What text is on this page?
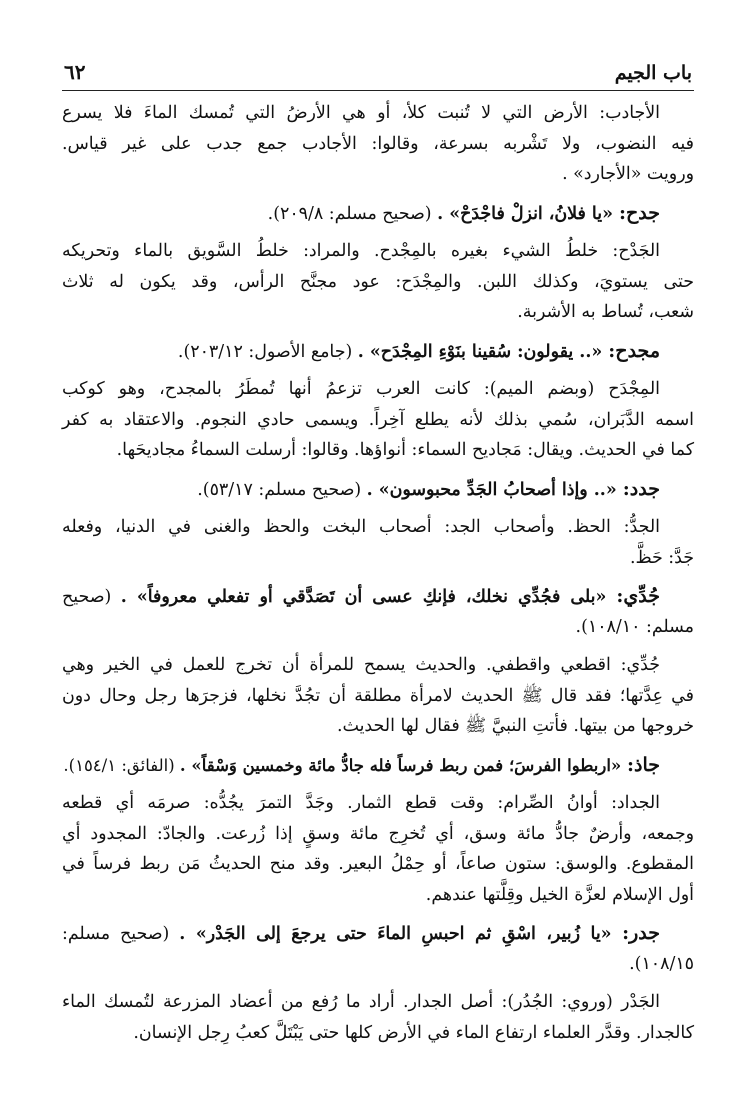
باب الجيم
٦٢
الأجادب: الأرض التي لا تُنبت كلأ، أو هي الأرضُ التي تُمسك الماءَ فلا يسرع
فيه النضوب، ولا تَشْربه بسرعة، وقالوا: الأجادب جمع جدب على غير قياس.
ورويت «الأجارد» .
جدح: «يا فلانُ، انزلْ فاجْدَحْ» . (صحيح مسلم: ٢٠٩/٨).
الجَدْح: خلطُ الشيء بغيره بالمِجْدح. والمراد: خلطُ السَّويق بالماء وتحريكه
حتى يستويَ، وكذلك اللبن. والمِجْدَح: عود مجنَّح الرأس، وقد يكون له ثلاث
شعب، تُساط به الأشربة.
مجدح: «.. يقولون: سُقينا بنَوْءِ المِجْدَح» . (جامع الأصول: ٢٠٣/١٢).
المِجْدَح (وبضم الميم): كانت العرب تزعمُ أنها تُمطَرُ بالمجدح، وهو كوكب
اسمه الدَّبَران، سُمي بذلك لأنه يطلع آخِراً. ويسمى حادي النجوم. والاعتقاد به كفر
كما في الحديث. ويقال: مَجاديح السماء: أنواؤها. وقالوا: أرسلت السماءُ مجاديحَها.
جدد: «.. وإذا أصحابُ الجَدِّ محبوسون» . (صحيح مسلم: ٥٣/١٧).
الجدُّ: الحظ. وأصحاب الجد: أصحاب البخت والحظ والغنى في الدنيا، وفعله
جَدَّ: حَظَّ.
جُدِّي: «بلى فجُدِّي نخلك، فإنكِ عسى أن تَصَدَّقي أو تفعلي معروفاً» . (صحيح
مسلم: ١٠٨/١٠).
جُدِّي: اقطعي واقطفي. والحديث يسمح للمرأة أن تخرج للعمل في الخير وهي
في عِدَّتها؛ فقد قال ﷺ الحديث لامرأة مطلقة أن تجُدَّ نخلها، فزجرَها رجل وحال دون
خروجها من بيتها. فأتتِ النبيَّ ﷺ فقال لها الحديث.
جاذ: «اربطوا الفرسَ؛ فمن ربط فرساً فله جادُّ مائة وخمسين وَسْقاً» . (الفائق: ١٥٤/١).
الجداد: أوانُ الصِّرام: وقت قطع الثمار. وجَدَّ التمرَ يجُدُّه: صرمَه أي قطعه
وجمعه، وأرضٌ جادُّ مائة وسق، أي تُخرِج مائة وسقٍ إذا زُرعت. والجادّ: المجدود أي
المقطوع. والوسق: ستون صاعاً، أو حِمْلُ البعير. وقد منح الحديثُ مَن ربط فرساً في
أول الإسلام لعزَّة الخيل وقِلَّتها عندهم.
جدر: «يا زُبير، اسْقِ ثم احبسِ الماءَ حتى يرجعَ إلى الجَدْر» . (صحيح مسلم:
١٠٨/١٥).
الجَدْر (وروي: الجُدُر): أصل الجدار. أراد ما رُفع من أعضاد المزرعة لتُمسك الماء
كالجدار. وقدَّر العلماء ارتفاع الماء في الأرض كلها حتى يَبْتَلَّ كعبُ رِجل الإنسان.
